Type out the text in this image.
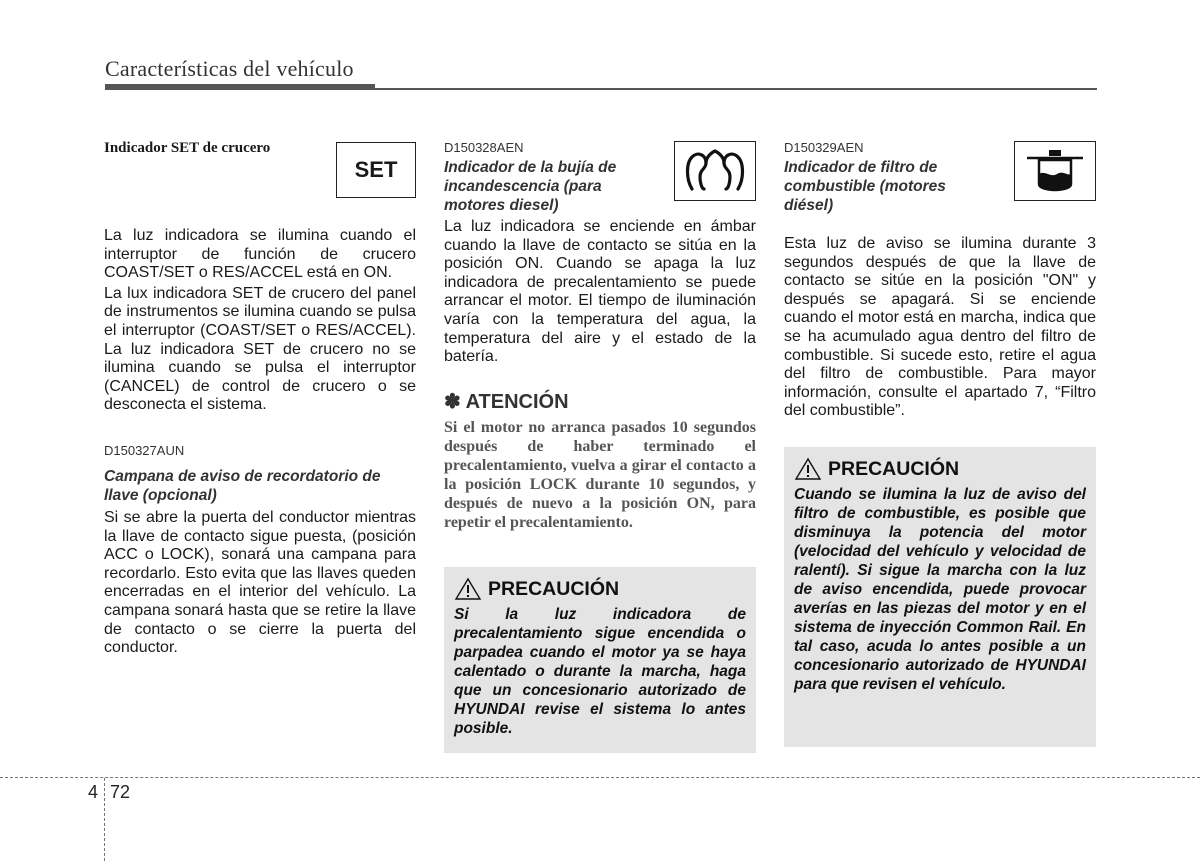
Características del vehículo

Indicador SET de crucero

La luz indicadora se ilumina cuando el interruptor de función de crucero COAST/SET o RES/ACCEL está en ON.

La lux indicadora SET de crucero del panel de instrumentos se ilumina cuando se pulsa el interruptor (COAST/SET o RES/ACCEL). La luz indicadora SET de crucero no se ilumina cuando se pulsa el interruptor (CANCEL) de control de crucero o se desconecta el sistema.

D150327AUN

Campana de aviso de recordatorio de llave (opcional)

Si se abre la puerta del conductor mientras la llave de contacto sigue puesta, (posición ACC o LOCK), sonará una campana para recordarlo. Esto evita que las llaves queden encerradas en el interior del vehículo. La campana sonará hasta que se retire la llave de contacto o se cierre la puerta del conductor.

SET

D150328AEN

Indicador de la bujía de incandescencia (para motores diesel)

La luz indicadora se enciende en ámbar cuando la llave de contacto se sitúa en la posición ON. Cuando se apaga la luz indicadora de precalentamiento se puede arrancar el motor. El tiempo de iluminación varía con la temperatura del agua, la temperatura del aire y el estado de la batería.

✽ ATENCIÓN

Si el motor no arranca pasados 10 segundos después de haber terminado el precalentamiento, vuelva a girar el contacto a la posición LOCK durante 10 segundos, y después de nuevo a la posición ON, para repetir el precalentamiento.

PRECAUCIÓN

Si la luz indicadora de precalentamiento sigue encendida o parpadea cuando el motor ya se haya calentado o durante la marcha, haga que un concesionario autorizado de HYUNDAI revise el sistema lo antes posible.

D150329AEN

Indicador de filtro de combustible (motores diésel)

Esta luz de aviso se ilumina durante 3 segundos después de que la llave de contacto se sitúe en la posición "ON" y después se apagará. Si se enciende cuando el motor está en marcha, indica que se ha acumulado agua dentro del filtro de combustible. Si sucede esto, retire el agua del filtro de combustible. Para mayor información, consulte el apartado 7, “Filtro del combustible”.

PRECAUCIÓN

Cuando se ilumina la luz de aviso del filtro de combustible, es posible que disminuya la potencia del motor (velocidad del vehículo y velocidad de ralentí). Si sigue la marcha con la luz de aviso encendida, puede provocar averías en las piezas del motor y en el sistema de inyección Common Rail. En tal caso, acuda lo antes posible a un concesionario autorizado de HYUNDAI para que revisen el vehículo.

4 72
